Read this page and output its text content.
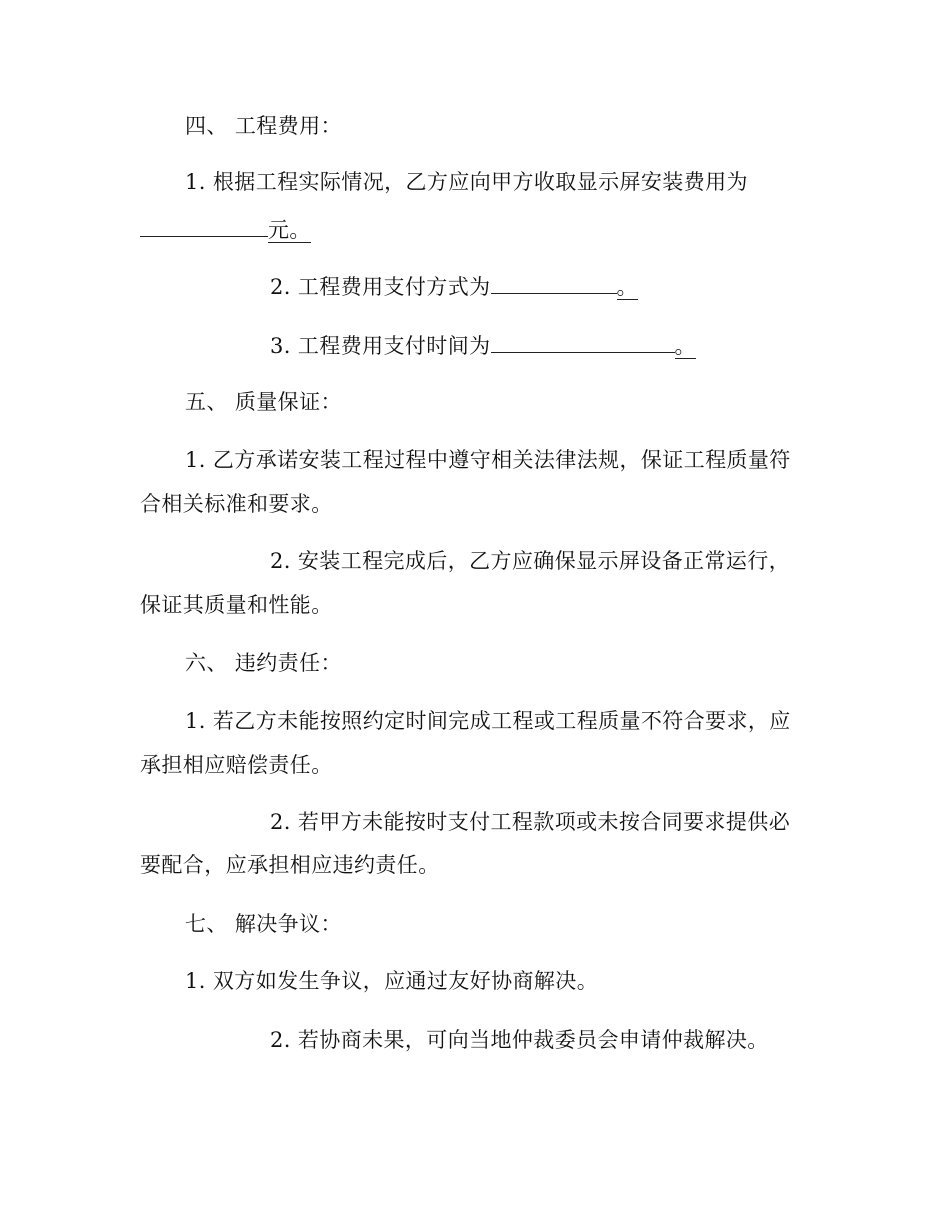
四、 工程费用：
1. 根据工程实际情况，乙方应向甲方收取显示屏安装费用为
元。
2. 工程费用支付方式为	。
3. 工程费用支付时间为	。
五、 质量保证：
1. 乙方承诺安装工程过程中遵守相关法律法规，保证工程质量符
合相关标准和要求。
2. 安装工程完成后，乙方应确保显示屏设备正常运行，
保证其质量和性能。
六、 违约责任：
1. 若乙方未能按照约定时间完成工程或工程质量不符合要求，应
承担相应赔偿责任。
2. 若甲方未能按时支付工程款项或未按合同要求提供必
要配合，应承担相应违约责任。
七、 解决争议：
1. 双方如发生争议，应通过友好协商解决。
2. 若协商未果，可向当地仲裁委员会申请仲裁解决。
